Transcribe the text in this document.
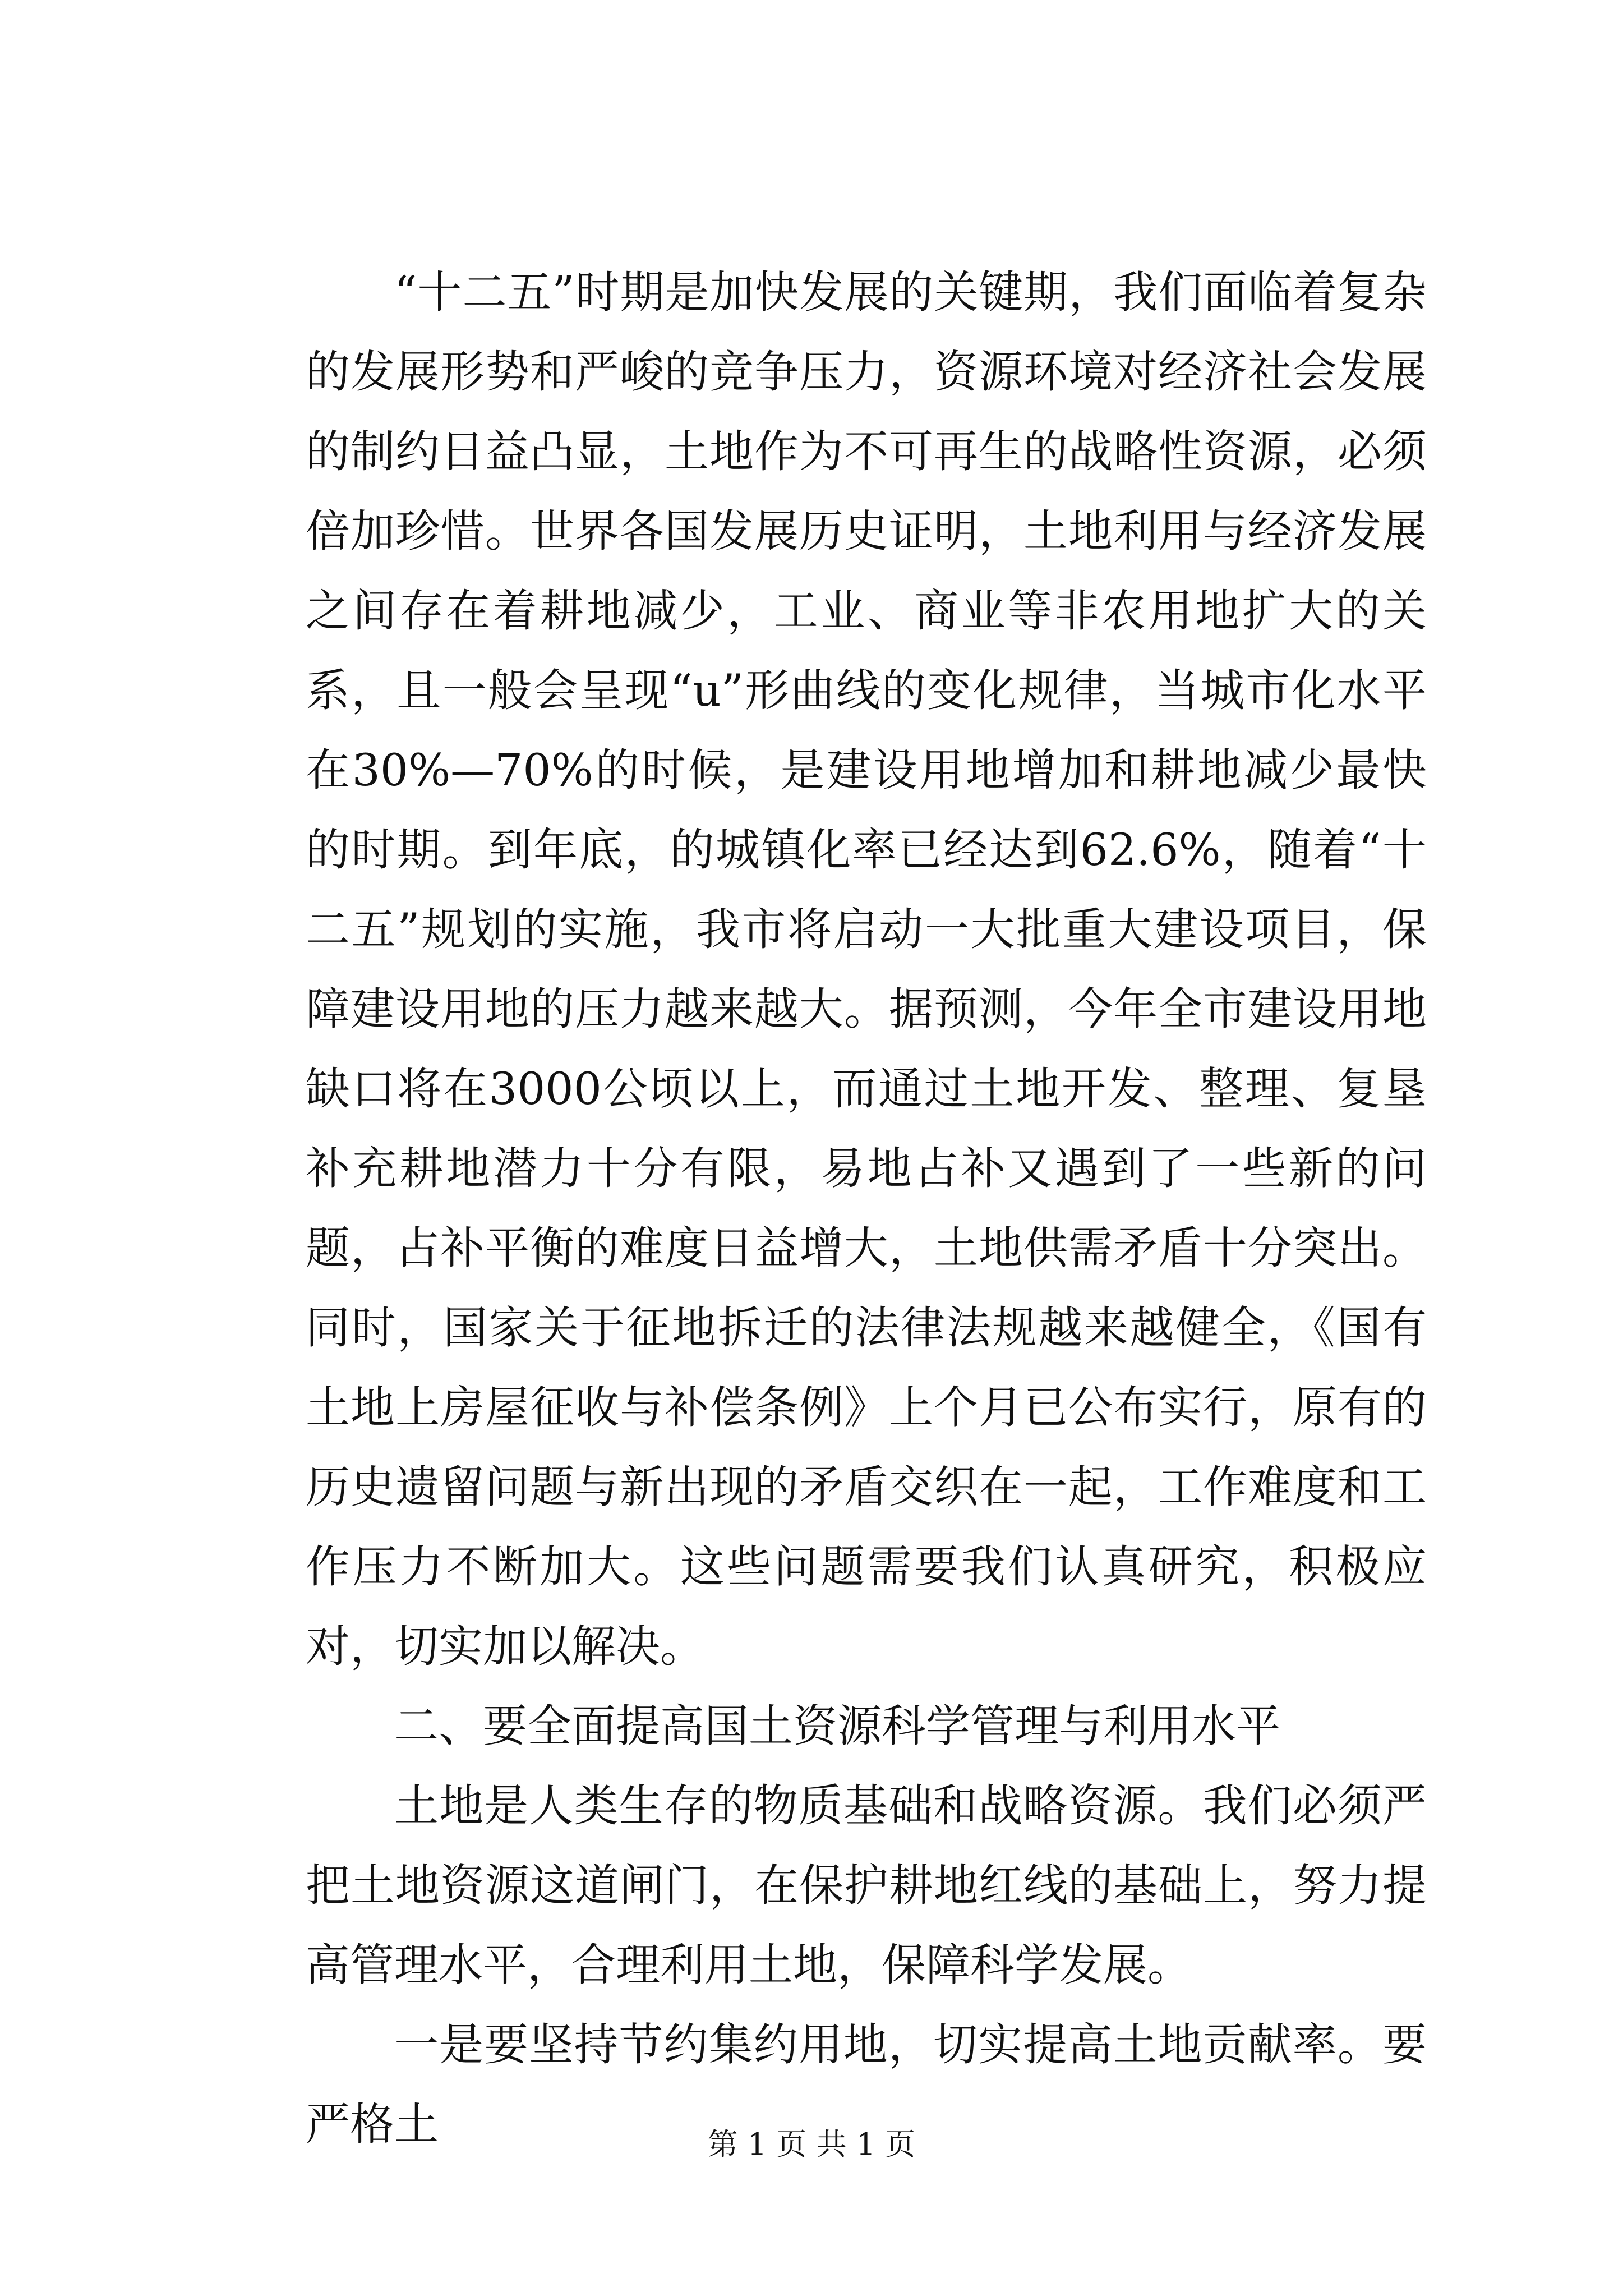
“十二五”时期是加快发展的关键期，我们面临着复杂的发展形势和严峻的竞争压力，资源环境对经济社会发展的制约日益凸显，土地作为不可再生的战略性资源，必须倍加珍惜。世界各国发展历史证明，土地利用与经济发展之间存在着耕地减少，工业、商业等非农用地扩大的关系，且一般会呈现“u”形曲线的变化规律，当城市化水平在30%—70%的时候，是建设用地增加和耕地减少最快的时期。到年底，的城镇化率已经达到62.6%，随着“十二五”规划的实施，我市将启动一大批重大建设项目，保障建设用地的压力越来越大。据预测，今年全市建设用地缺口将在3000公顷以上，而通过土地开发、整理、复垦补充耕地潜力十分有限，易地占补又遇到了一些新的问题，占补平衡的难度日益增大，土地供需矛盾十分突出。同时，国家关于征地拆迁的法律法规越来越健全，《国有土地上房屋征收与补偿条例》上个月已公布实行，原有的历史遗留问题与新出现的矛盾交织在一起，工作难度和工作压力不断加大。这些问题需要我们认真研究，积极应对，切实加以解决。

二、要全面提高国土资源科学管理与利用水平

土地是人类生存的物质基础和战略资源。我们必须严把土地资源这道闸门，在保护耕地红线的基础上，努力提高管理水平，合理利用土地，保障科学发展。

一是要坚持节约集约用地，切实提高土地贡献率。要严格土	第 1 页 共 1 页
